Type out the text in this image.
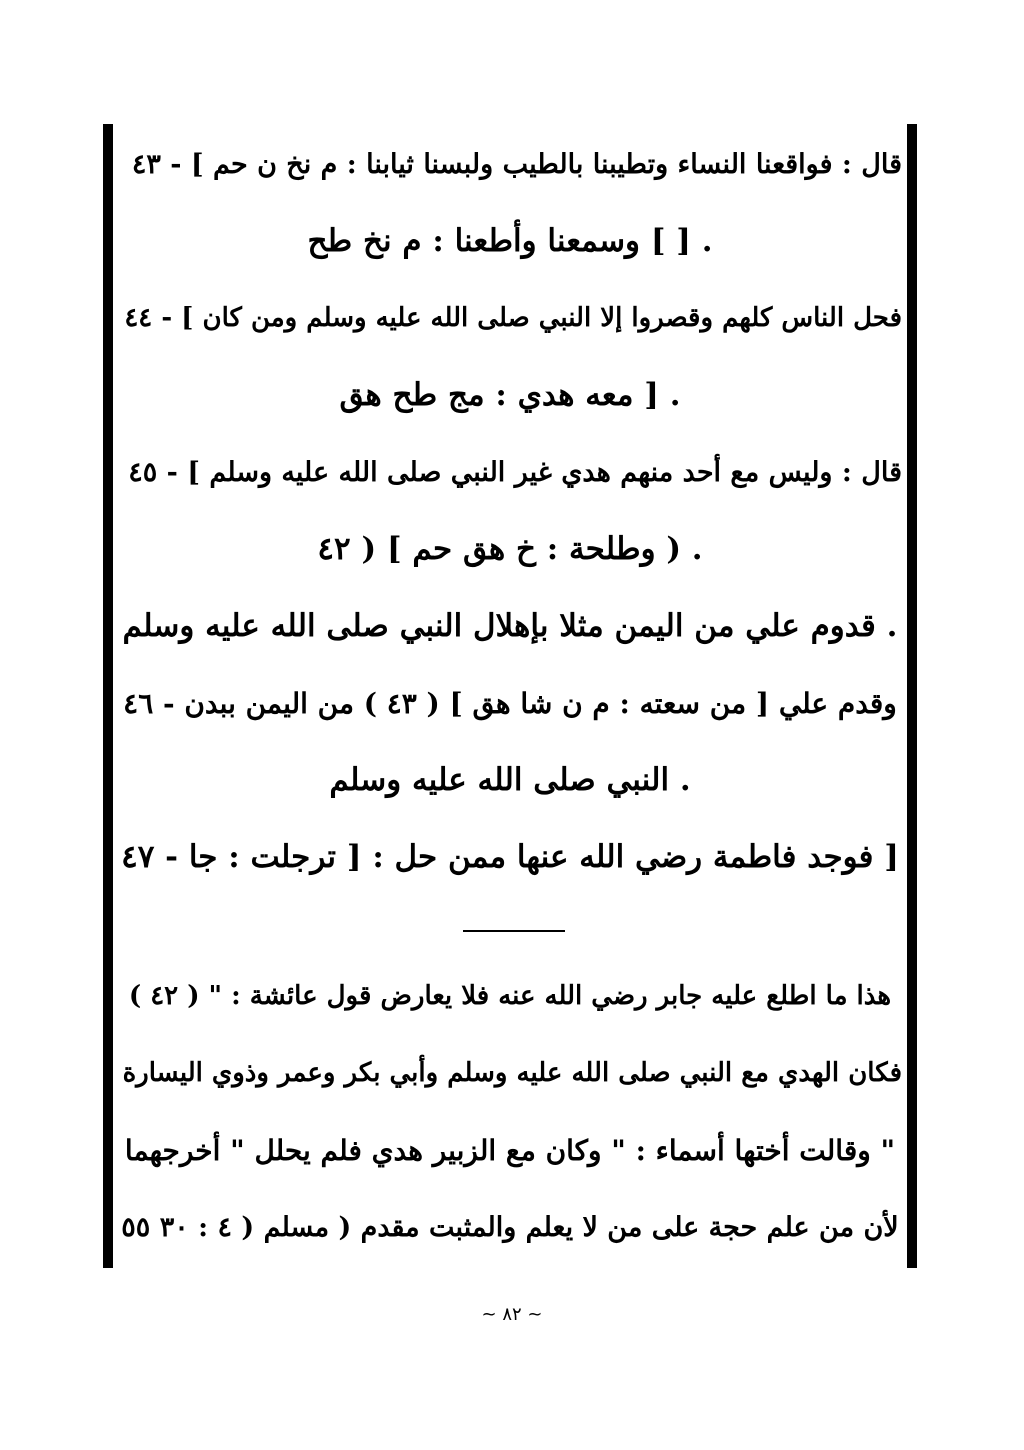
قال : فواقعنا النساء وتطيبنا بالطيب ولبسنا ثيابنا : م نخ ن حم ] - ٤٣
. [ ] وسمعنا وأطعنا : م نخ طح
فحل الناس كلهم وقصروا إلا النبي صلى الله عليه وسلم ومن كان ] - ٤٤
. [ معه هدي : مج طح هق
قال : وليس مع أحد منهم هدي غير النبي صلى الله عليه وسلم ] - ٤٥
. ( وطلحة : خ هق حم ] ( ٤٢
. قدوم علي من اليمن مثلا بإهلال النبي صلى الله عليه وسلم
وقدم علي [ من سعته : م ن شا هق ] ( ٤٣ ) من اليمن ببدن - ٤٦
. النبي صلى الله عليه وسلم
[ فوجد فاطمة رضي الله عنها ممن حل : [ ترجلت : جا - ٤٧
هذا ما اطلع عليه جابر رضي الله عنه فلا يعارض قول عائشة : " ( ٤٢ )
فكان الهدي مع النبي صلى الله عليه وسلم وأبي بكر وعمر وذوي اليسارة
" وقالت أختها أسماء : " وكان مع الزبير هدي فلم يحلل " أخرجهما
لأن من علم حجة على من لا يعلم والمثبت مقدم ( مسلم ( ٤ : ٣٠ ٥٥
~ ٨٢ ~
